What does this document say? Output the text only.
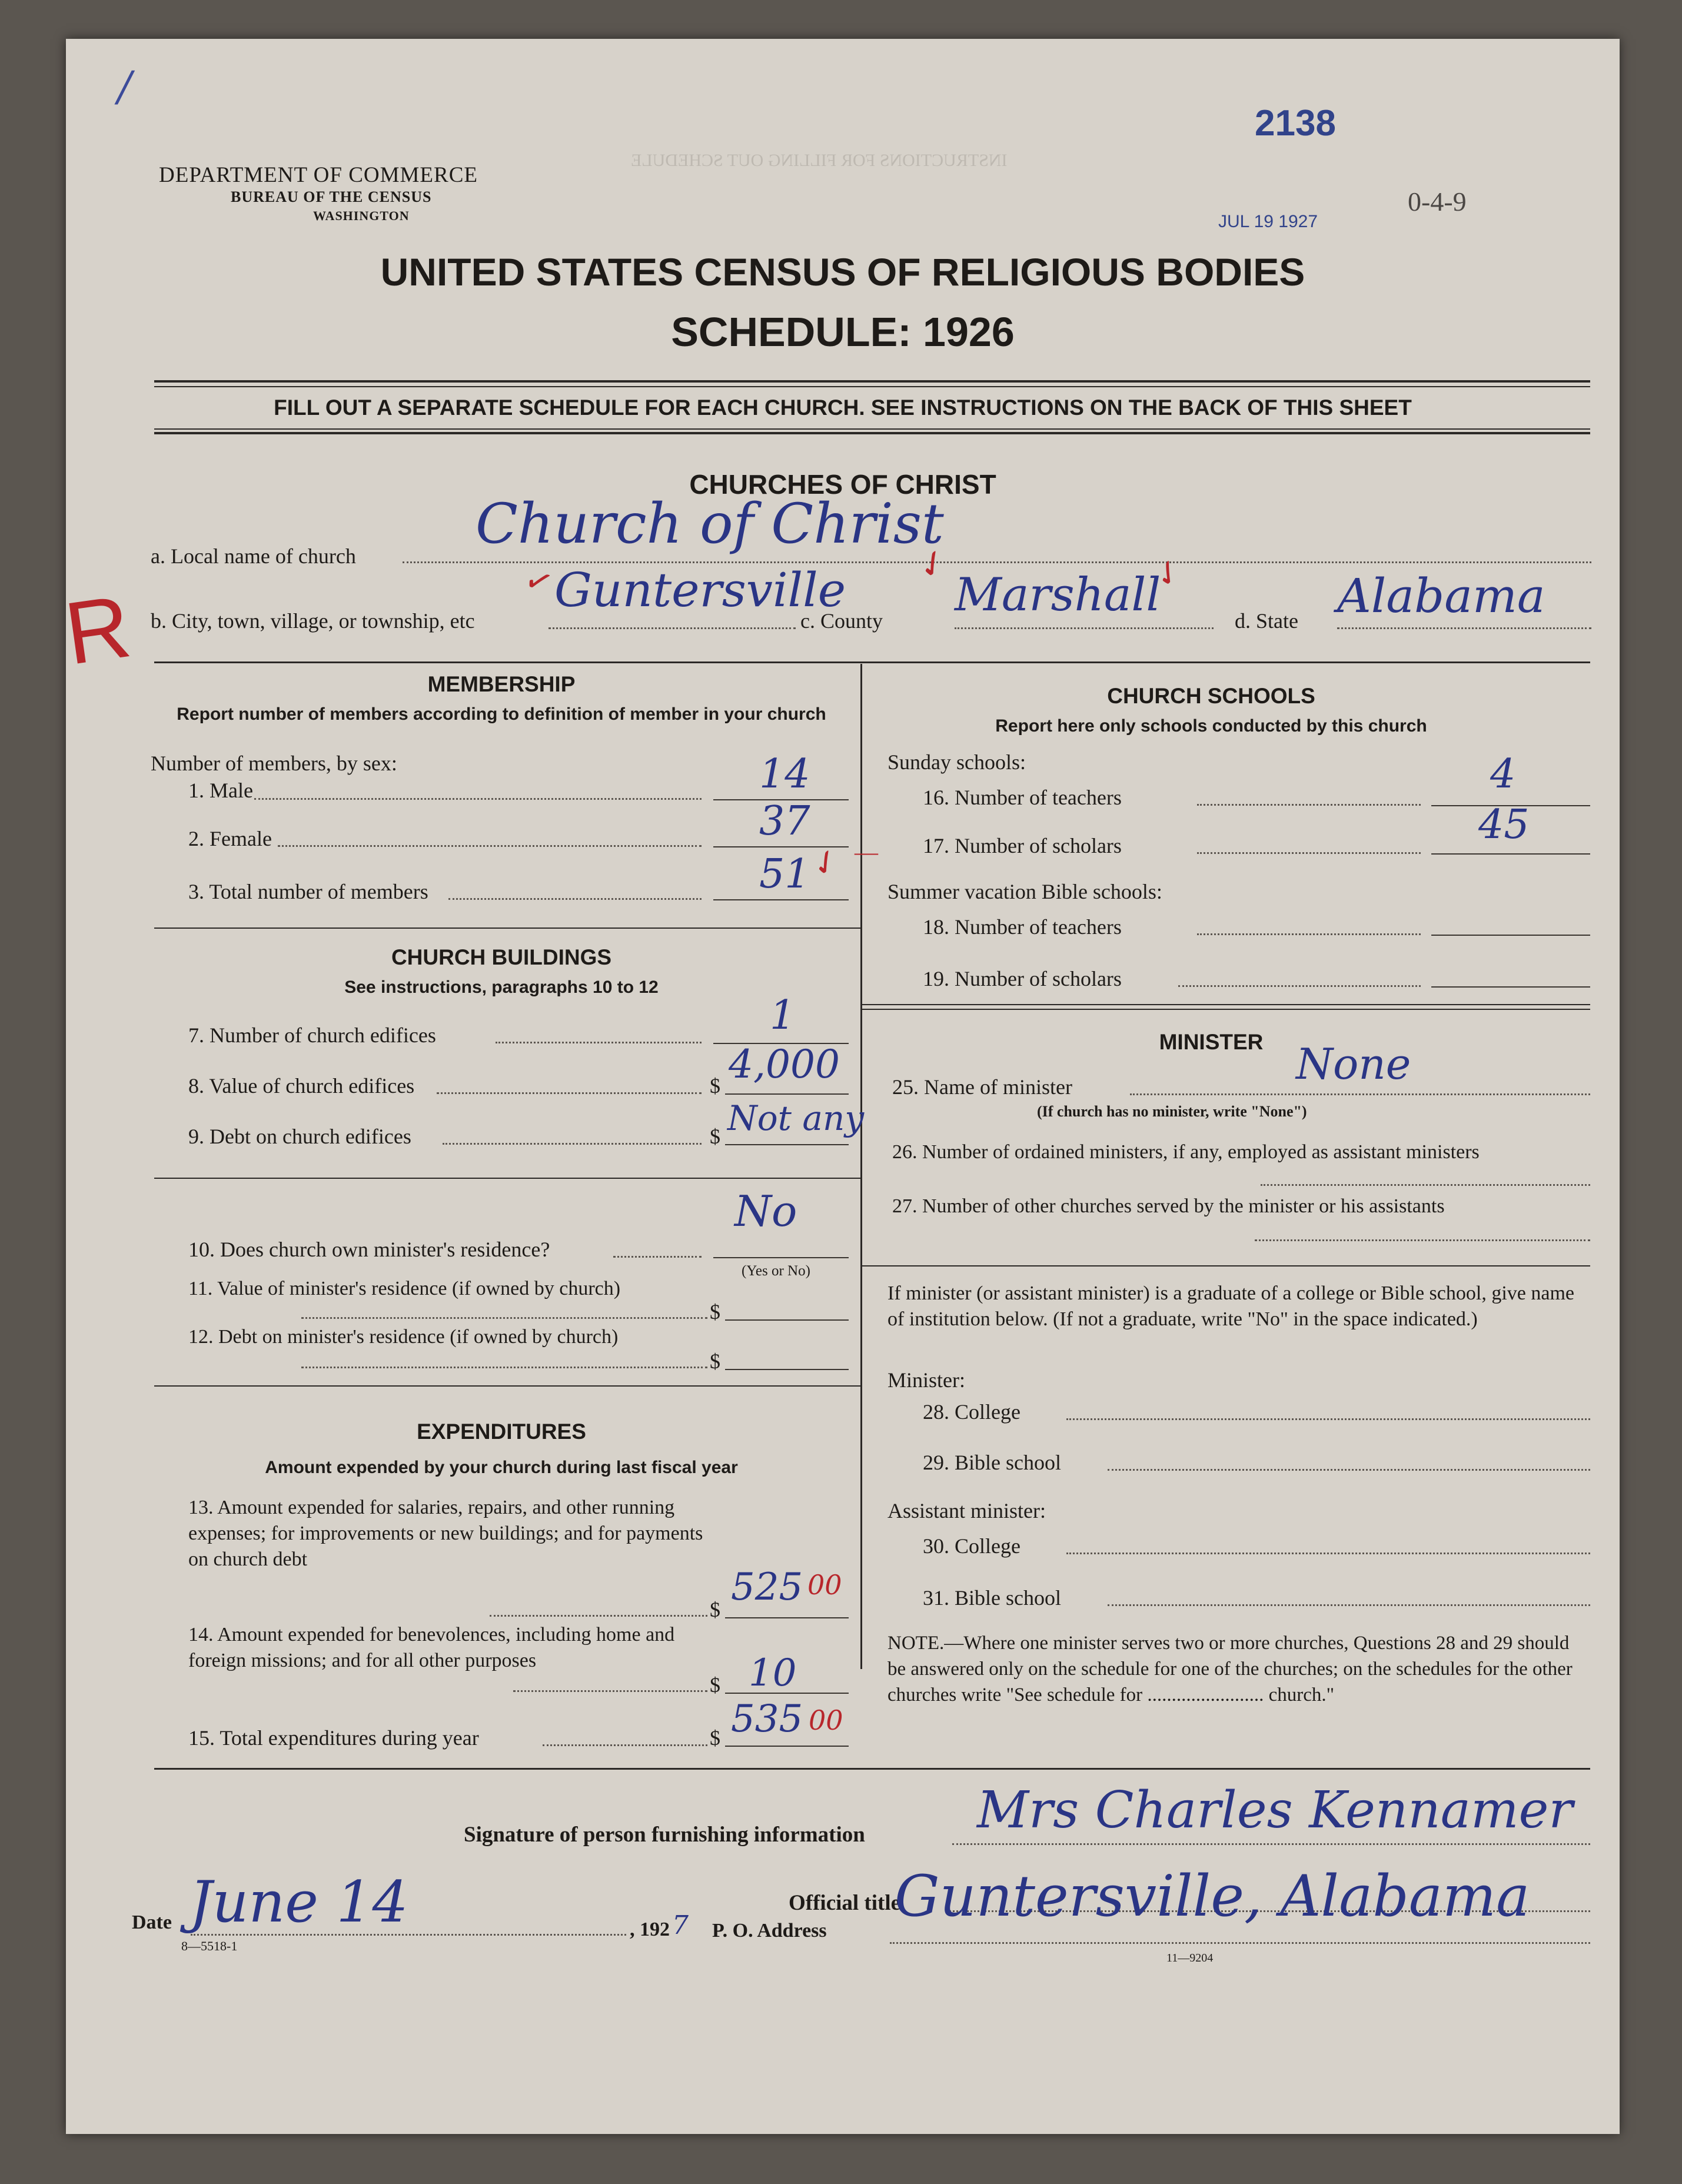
INSTRUCTIONS FOR FILLING OUT SCHEDULE
/
2138
0-4-9
JUL 19 1927
DEPARTMENT OF COMMERCE
BUREAU OF THE CENSUS
WASHINGTON
UNITED STATES CENSUS OF RELIGIOUS BODIES
SCHEDULE: 1926
FILL OUT A SEPARATE SCHEDULE FOR EACH CHURCH. SEE INSTRUCTIONS ON THE BACK OF THIS SHEET
CHURCHES OF CHRIST
R
a. Local name of church Church of Christ
✓
b. City, town, village, or township, etc
Guntersville
✓
c. County Marshall
✓
d. State Alabama
MEMBERSHIP
Report number of members according to definition of member in your church
Number of members, by sex:
1. Male	14
2. Female	37
—
3. Total number of members	51
✓
CHURCH BUILDINGS
See instructions, paragraphs 10 to 12
7. Number of church edifices	1
8. Value of church edifices	$ 4,000
9. Debt on church edifices	$ Not any
10. Does church own minister's residence?
No
(Yes or No)
11. Value of minister's residence (if owned by church)
$
12. Debt on minister's residence (if owned by church)
$
EXPENDITURES
Amount expended by your church during last fiscal year
13. Amount expended for salaries, repairs, and other running expenses; for improvements or new buildings; and for payments on church debt
$
525 00
14. Amount expended for benevolences, including home and foreign missions; and for all other purposes
$ 10
15. Total expenditures during year	$ 535 00
CHURCH SCHOOLS
Report here only schools conducted by this church
Sunday schools:
16. Number of teachers	4
17. Number of scholars	45
Summer vacation Bible schools:
18. Number of teachers
19. Number of scholars
MINISTER
25. Name of minister	None
(If church has no minister, write "None")
26. Number of ordained ministers, if any, employed as assistant ministers
27. Number of other churches served by the minister or his assistants
If minister (or assistant minister) is a graduate of a college or Bible school, give name of institution below. (If not a graduate, write "No" in the space indicated.)
Minister:
28. College
29. Bible school
Assistant minister:
30. College
31. Bible school
NOTE.—Where one minister serves two or more churches, Questions 28 and 29 should be answered only on the schedule for one of the churches; on the schedules for the other churches write "See schedule for ........................ church."
Signature of person furnishing information Mrs Charles Kennamer
Official title
Date June 14	, 192 7
8—5518-1
P. O. Address
Guntersville, Alabama
11—9204
